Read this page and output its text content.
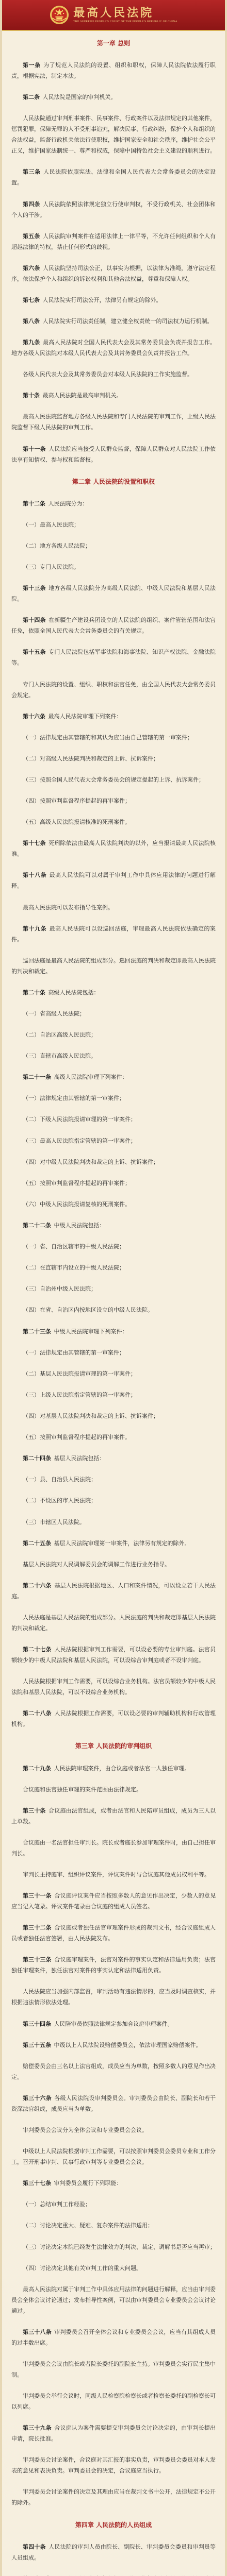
最高人民法院
THE SUPREME PEOPLE'S COURT OF THE PEOPLE'S REPUBLIC OF CHINA
第一章 总则

第一条 为了规范人民法院的设置、组织和职权，保障人民法院依法履行职责，根据宪法，制定本法。

第二条 人民法院是国家的审判机关。

人民法院通过审判刑事案件、民事案件、行政案件以及法律规定的其他案件，惩罚犯罪，保障无罪的人不受刑事追究，解决民事、行政纠纷，保护个人和组织的合法权益，监督行政机关依法行使职权，维护国家安全和社会秩序，维护社会公平正义，维护国家法制统一、尊严和权威，保障中国特色社会主义建设的顺利进行。

第三条 人民法院依照宪法、法律和全国人民代表大会常务委员会的决定设置。

第四条 人民法院依照法律规定独立行使审判权，不受行政机关、社会团体和个人的干涉。

第五条 人民法院审判案件在适用法律上一律平等，不允许任何组织和个人有超越法律的特权，禁止任何形式的歧视。

第六条 人民法院坚持司法公正，以事实为根据，以法律为准绳，遵守法定程序，依法保护个人和组织的诉讼权利和其他合法权益，尊重和保障人权。

第七条 人民法院实行司法公开，法律另有规定的除外。

第八条 人民法院实行司法责任制，建立健全权责统一的司法权力运行机制。

第九条 最高人民法院对全国人民代表大会及其常务委员会负责并报告工作。地方各级人民法院对本级人民代表大会及其常务委员会负责并报告工作。

各级人民代表大会及其常务委员会对本级人民法院的工作实施监督。

第十条 最高人民法院是最高审判机关。

最高人民法院监督地方各级人民法院和专门人民法院的审判工作，上级人民法院监督下级人民法院的审判工作。

第十一条 人民法院应当接受人民群众监督，保障人民群众对人民法院工作依法享有知情权、参与权和监督权。

第二章 人民法院的设置和职权

第十二条 人民法院分为：

（一）最高人民法院；

（二）地方各级人民法院；

（三）专门人民法院。

第十三条 地方各级人民法院分为高级人民法院、中级人民法院和基层人民法院。

第十四条 在新疆生产建设兵团设立的人民法院的组织、案件管辖范围和法官任免，依照全国人民代表大会常务委员会的有关规定。

第十五条 专门人民法院包括军事法院和海事法院、知识产权法院、金融法院等。

专门人民法院的设置、组织、职权和法官任免，由全国人民代表大会常务委员会规定。

第十六条 最高人民法院审理下列案件：

（一）法律规定由其管辖的和其认为应当由自己管辖的第一审案件；

（二）对高级人民法院判决和裁定的上诉、抗诉案件；

（三）按照全国人民代表大会常务委员会的规定提起的上诉、抗诉案件；

（四）按照审判监督程序提起的再审案件；

（五）高级人民法院报请核准的死刑案件。

第十七条 死刑除依法由最高人民法院判决的以外，应当报请最高人民法院核准。

第十八条 最高人民法院可以对属于审判工作中具体应用法律的问题进行解释。

最高人民法院可以发布指导性案例。

第十九条 最高人民法院可以设巡回法庭，审理最高人民法院依法确定的案件。

巡回法庭是最高人民法院的组成部分。巡回法庭的判决和裁定即最高人民法院的判决和裁定。

第二十条 高级人民法院包括：

（一）省高级人民法院；

（二）自治区高级人民法院；

（三）直辖市高级人民法院。

第二十一条 高级人民法院审理下列案件：

（一）法律规定由其管辖的第一审案件；

（二）下级人民法院报请审理的第一审案件；

（三）最高人民法院指定管辖的第一审案件；

（四）对中级人民法院判决和裁定的上诉、抗诉案件；

（五）按照审判监督程序提起的再审案件；

（六）中级人民法院报请复核的死刑案件。

第二十二条 中级人民法院包括：

（一）省、自治区辖市的中级人民法院；

（二）在直辖市内设立的中级人民法院；

（三）自治州中级人民法院；

（四）在省、自治区内按地区设立的中级人民法院。

第二十三条 中级人民法院审理下列案件：

（一）法律规定由其管辖的第一审案件；

（二）基层人民法院报请审理的第一审案件；

（三）上级人民法院指定管辖的第一审案件；

（四）对基层人民法院判决和裁定的上诉、抗诉案件；

（五）按照审判监督程序提起的再审案件。

第二十四条 基层人民法院包括：

（一）县、自治县人民法院；

（二）不设区的市人民法院；

（三）市辖区人民法院。

第二十五条 基层人民法院审理第一审案件，法律另有规定的除外。

基层人民法院对人民调解委员会的调解工作进行业务指导。

第二十六条 基层人民法院根据地区、人口和案件情况，可以设立若干人民法庭。

人民法庭是基层人民法院的组成部分。人民法庭的判决和裁定即基层人民法院的判决和裁定。

第二十七条 人民法院根据审判工作需要，可以设必要的专业审判庭。法官员额较少的中级人民法院和基层人民法院，可以设综合审判庭或者不设审判庭。

人民法院根据审判工作需要，可以设综合业务机构。法官员额较少的中级人民法院和基层人民法院，可以不设综合业务机构。

第二十八条 人民法院根据工作需要，可以设必要的审判辅助机构和行政管理机构。

第三章 人民法院的审判组织

第二十九条 人民法院审理案件，由合议庭或者法官一人独任审理。

合议庭和法官独任审理的案件范围由法律规定。

第三十条 合议庭由法官组成，或者由法官和人民陪审员组成，成员为三人以上单数。

合议庭由一名法官担任审判长。院长或者庭长参加审理案件时，由自己担任审判长。

审判长主持庭审、组织评议案件，评议案件时与合议庭其他成员权利平等。

第三十一条 合议庭评议案件应当按照多数人的意见作出决定，少数人的意见应当记入笔录。评议案件笔录由合议庭的组成人员签名。

第三十二条 合议庭或者独任法官审理案件形成的裁判文书，经合议庭组成人员或者独任法官签署，由人民法院发布。

第三十三条 合议庭审理案件，法官对案件的事实认定和法律适用负责；法官独任审理案件，独任法官对案件的事实认定和法律适用负责。

人民法院应当加强内部监督，审判活动有违法情形的，应当及时调查核实，并根据违法情形依法处理。

第三十四条 人民陪审员依照法律规定参加合议庭审理案件。

第三十五条 中级以上人民法院设赔偿委员会，依法审理国家赔偿案件。

赔偿委员会由三名以上法官组成，成员应当为单数，按照多数人的意见作出决定。

第三十六条 各级人民法院设审判委员会。审判委员会由院长、副院长和若干资深法官组成，成员应当为单数。

审判委员会会议分为全体会议和专业委员会会议。

中级以上人民法院根据审判工作需要，可以按照审判委员会委员专业和工作分工，召开刑事审判、民事行政审判等专业委员会会议。

第三十七条 审判委员会履行下列职能：

（一）总结审判工作经验；

（二）讨论决定重大、疑难、复杂案件的法律适用；

（三）讨论决定本院已经发生法律效力的判决、裁定、调解书是否应当再审；

（四）讨论决定其他有关审判工作的重大问题。

最高人民法院对属于审判工作中具体应用法律的问题进行解释，应当由审判委员会全体会议讨论通过；发布指导性案例，可以由审判委员会专业委员会会议讨论通过。

第三十八条 审判委员会召开全体会议和专业委员会会议，应当有其组成人员的过半数出席。

审判委员会会议由院长或者院长委托的副院长主持。审判委员会实行民主集中制。

审判委员会举行会议时，同级人民检察院检察长或者检察长委托的副检察长可以列席。

第三十九条 合议庭认为案件需要提交审判委员会讨论决定的，由审判长提出申请，院长批准。

审判委员会讨论案件，合议庭对其汇报的事实负责，审判委员会委员对本人发表的意见和表决负责。审判委员会的决定，合议庭应当执行。

审判委员会讨论案件的决定及其理由应当在裁判文书中公开，法律规定不公开的除外。

第四章 人民法院的人员组成

第四十条 人民法院的审判人员由院长、副院长、审判委员会委员和审判员等人员组成。
